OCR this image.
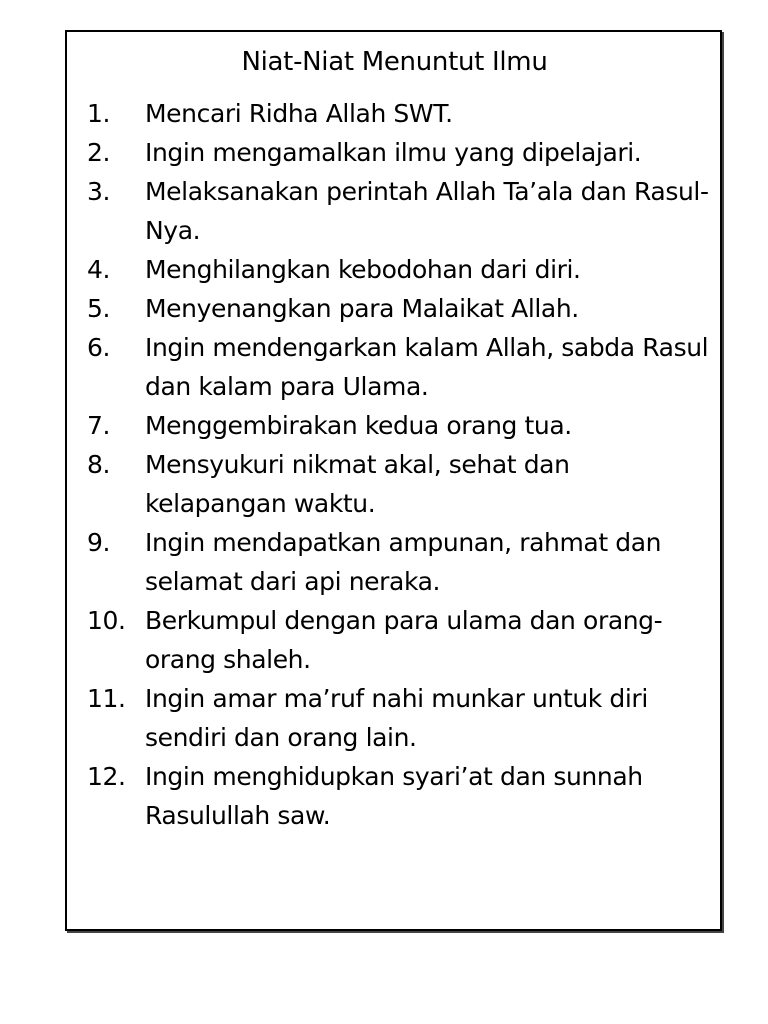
Niat-Niat Menuntut Ilmu
1.	Mencari Ridha Allah SWT.
2.	Ingin mengamalkan ilmu yang dipelajari.
3.	Melaksanakan perintah Allah Ta’ala dan Rasul-Nya.
4.	Menghilangkan kebodohan dari diri.
5.	Menyenangkan para Malaikat Allah.
6.	Ingin mendengarkan kalam Allah, sabda Rasul dan kalam para Ulama.
7.	Menggembirakan kedua orang tua.
8.	Mensyukuri nikmat akal, sehat dan kelapangan waktu.
9.	Ingin mendapatkan ampunan, rahmat dan selamat dari api neraka.
10. Berkumpul dengan para ulama dan orang-orang shaleh.
11. Ingin amar ma’ruf nahi munkar untuk diri sendiri dan orang lain.
12. Ingin menghidupkan syari’at dan sunnah Rasulullah saw.
